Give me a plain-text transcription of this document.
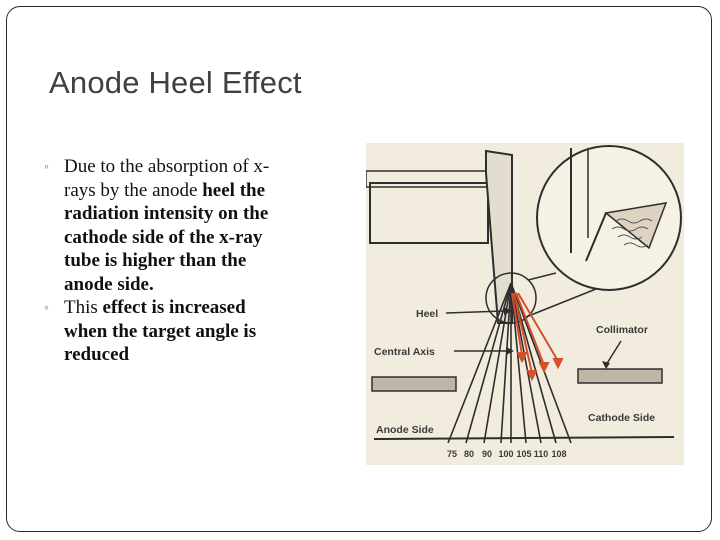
Anode Heel Effect
◦ Due to the absorption of x-rays by the anode heel the radiation intensity on the cathode side of the x-ray tube is higher than the anode side.
◦ This effect is increased when the target angle is reduced
Heel
Collimator
Central Axis
Anode Side
Cathode Side
75 80 90 100 105 110 108
